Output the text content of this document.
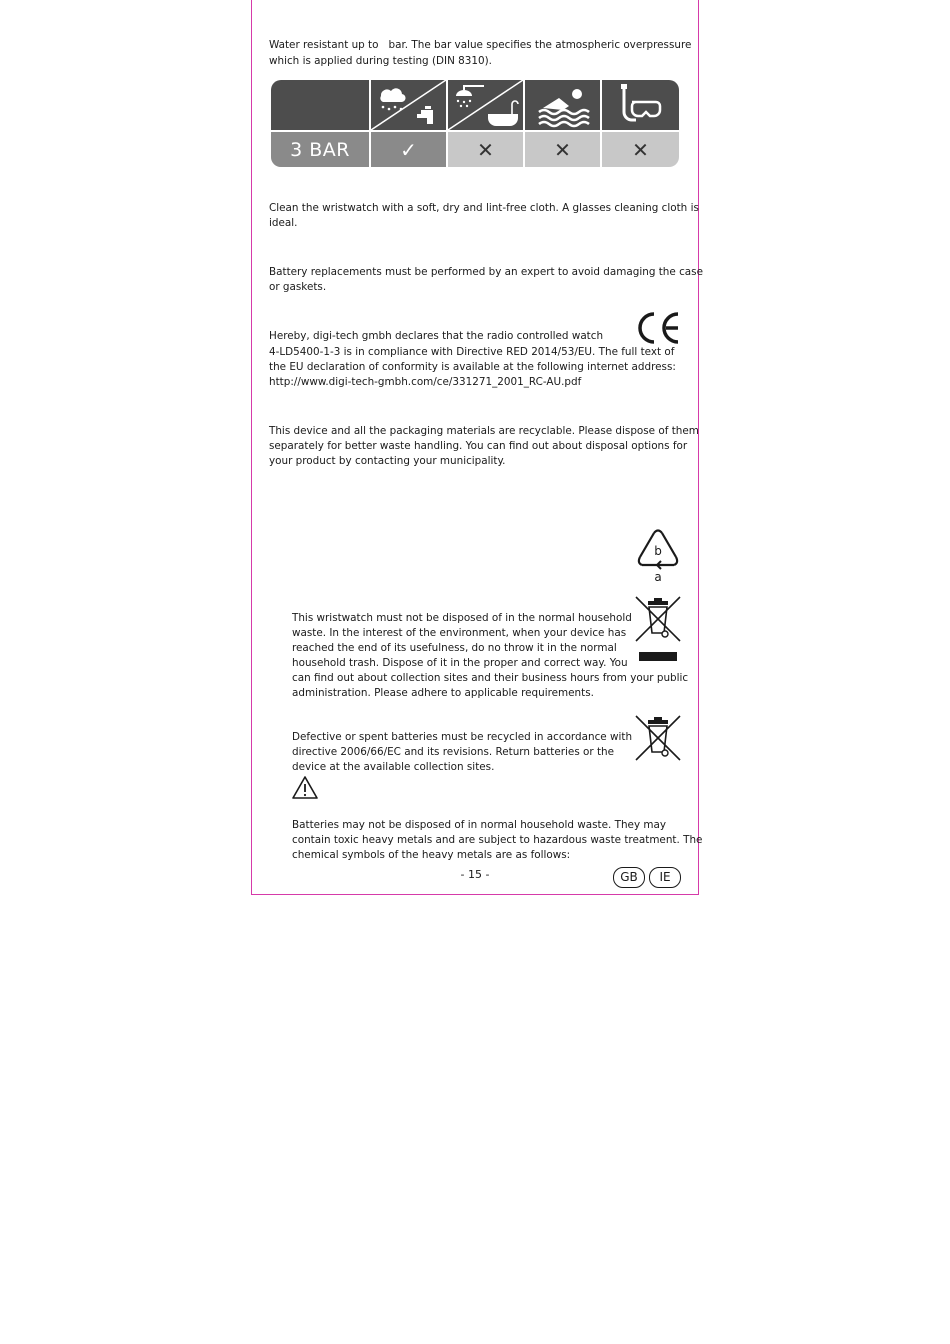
Water resistant up to bar. The bar value specifies the atmospheric overpressure

which is applied during testing (DIN 8310).

3 BAR	✓	✕	✕	✕

Clean the wristwatch with a soft, dry and lint-free cloth. A glasses cleaning cloth is

ideal.

Battery replacements must be performed by an expert to avoid damaging the case

or gaskets.

Hereby, digi-tech gmbh declares that the radio controlled watch

4-LD5400-1-3 is in compliance with Directive RED 2014/53/EU. The full text of

the EU declaration of conformity is available at the following internet address:

http://www.digi-tech-gmbh.com/ce/331271_2001_RC-AU.pdf

This device and all the packaging materials are recyclable. Please dispose of them

separately for better waste handling. You can find out about disposal options for

your product by contacting your municipality.

b
a

This wristwatch must not be disposed of in the normal household

waste. In the interest of the environment, when your device has

reached the end of its usefulness, do no throw it in the normal

household trash. Dispose of it in the proper and correct way. You

can find out about collection sites and their business hours from your public

administration. Please adhere to applicable requirements.

Defective or spent batteries must be recycled in accordance with

directive 2006/66/EC and its revisions. Return batteries or the

device at the available collection sites.

Batteries may not be disposed of in normal household waste. They may

contain toxic heavy metals and are subject to hazardous waste treatment. The

chemical symbols of the heavy metals are as follows:

- 15 -	GB	IE
